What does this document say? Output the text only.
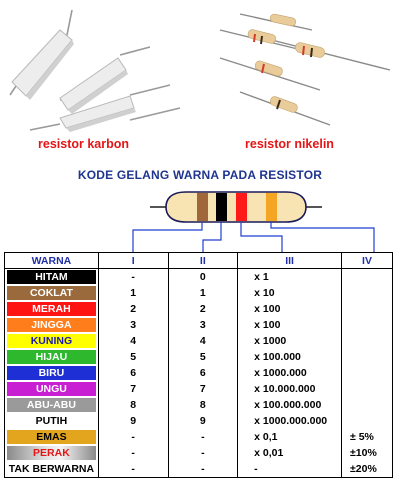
resistor karbon	resistor nikelin
KODE GELANG WARNA PADA RESISTOR
WARNA	I	II	III	IV

HITAM	-	0	x 1	

COKLAT	1	1	x 10	

MERAH	2	2	x 100	

JINGGA	3	3	x 100	

KUNING	4	4	x 1000	

HIJAU	5	5	x 100.000	

BIRU	6	6	x 1000.000	

UNGU	7	7	x 10.000.000	

ABU-ABU	8	8	x 100.000.000	

PUTIH	9	9	x 1000.000.000	

EMAS	-	-	x 0,1	± 5%

PERAK	-	-	x 0,01	±10%

TAK BERWARNA	-	-	-	±20%
